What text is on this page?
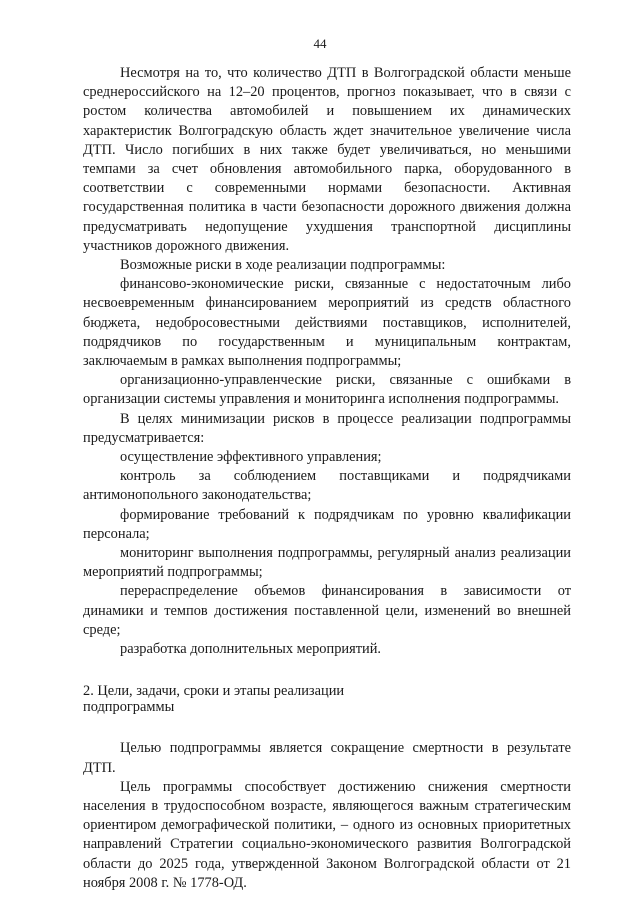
44

Несмотря на то, что количество ДТП в Волгоградской области меньше среднероссийского на 12–20 процентов, прогноз показывает, что в связи с ростом количества автомобилей и повышением их динамических характеристик Волгоградскую область ждет значительное увеличение числа ДТП. Число погибших в них также будет увеличиваться, но меньшими темпами за счет обновления автомобильного парка, оборудованного в соответствии с современными нормами безопасности. Активная государственная политика в части безопасности дорожного движения должна предусматривать недопущение ухудшения транспортной дисциплины участников дорожного движения.

Возможные риски в ходе реализации подпрограммы:

финансово-экономические риски, связанные с недостаточным либо несвоевременным финансированием мероприятий из средств областного бюджета, недобросовестными действиями поставщиков, исполнителей, подрядчиков по государственным и муниципальным контрактам, заключаемым в рамках выполнения подпрограммы;

организационно-управленческие риски, связанные с ошибками в организации системы управления и мониторинга исполнения подпрограммы.

В целях минимизации рисков в процессе реализации подпрограммы предусматривается:

осуществление эффективного управления;

контроль за соблюдением поставщиками и подрядчиками антимонопольного законодательства;

формирование требований к подрядчикам по уровню квалификации персонала;

мониторинг выполнения подпрограммы, регулярный анализ реализации мероприятий подпрограммы;

перераспределение объемов финансирования в зависимости от динамики и темпов достижения поставленной цели, изменений во внешней среде;

разработка дополнительных мероприятий.

2. Цели, задачи, сроки и этапы реализации
подпрограммы

Целью подпрограммы является сокращение смертности в результате ДТП.

Цель программы способствует достижению снижения смертности населения в трудоспособном возрасте, являющегося важным стратегическим ориентиром демографической политики, – одного из основных приоритетных направлений Стратегии социально-экономического развития Волгоградской области до 2025 года, утвержденной Законом Волгоградской области от 21 ноября 2008 г. № 1778-ОД.
